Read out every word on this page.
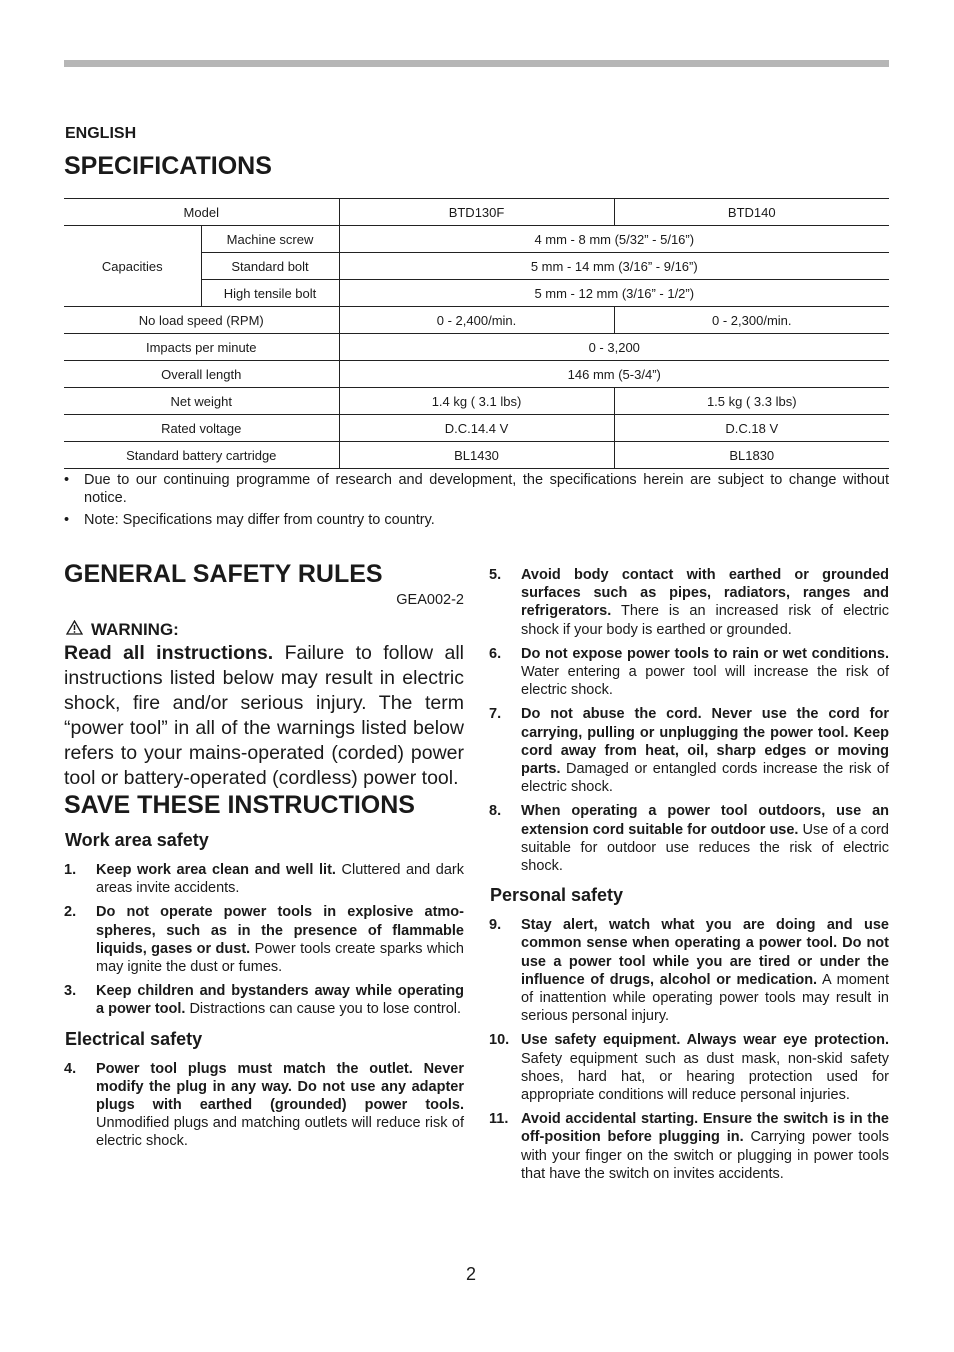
ENGLISH
SPECIFICATIONS
Model		BTD130F	BTD140
Capacities	Machine screw	4 mm - 8 mm (5/32” - 5/16”)	
	Standard bolt	5 mm - 14 mm (3/16” - 9/16”)	
	High tensile bolt	5 mm - 12 mm (3/16” - 1/2”)	
No load speed (RPM)		0 - 2,400/min.	0 - 2,300/min.
Impacts per minute		0 - 3,200	
Overall length		146 mm (5-3/4”)	
Net weight		1.4 kg ( 3.1 lbs)	1.5 kg ( 3.3 lbs)
Rated voltage		D.C.14.4 V	D.C.18 V
Standard battery cartridge		BL1430	BL1830
• Due to our continuing programme of research and development, the specifications herein are subject to change without notice.
• Note: Specifications may differ from country to country.
GENERAL SAFETY RULES
GEA002-2
WARNING:
Read all instructions. Failure to follow all instructions listed below may result in electric shock, fire and/or serious injury. The term “power tool” in all of the warnings listed below refers to your mains-operated (corded) power tool or battery-operated (cordless) power tool.
SAVE THESE INSTRUCTIONS
Work area safety
1.	Keep work area clean and well lit. Cluttered and dark areas invite accidents.
2.	Do not operate power tools in explosive atmospheres, such as in the presence of flammable liquids, gases or dust. Power tools create sparks which may ignite the dust or fumes.
3.	Keep children and bystanders away while operating a power tool. Distractions can cause you to lose control.
Electrical safety
4.	Power tool plugs must match the outlet. Never modify the plug in any way. Do not use any adapter plugs with earthed (grounded) power tools. Unmodified plugs and matching outlets will reduce risk of electric shock.
5.	Avoid body contact with earthed or grounded surfaces such as pipes, radiators, ranges and refrigerators. There is an increased risk of electric shock if your body is earthed or grounded.
6.	Do not expose power tools to rain or wet conditions. Water entering a power tool will increase the risk of electric shock.
7.	Do not abuse the cord. Never use the cord for carrying, pulling or unplugging the power tool. Keep cord away from heat, oil, sharp edges or moving parts. Damaged or entangled cords increase the risk of electric shock.
8.	When operating a power tool outdoors, use an extension cord suitable for outdoor use. Use of a cord suitable for outdoor use reduces the risk of electric shock.
Personal safety
9.	Stay alert, watch what you are doing and use common sense when operating a power tool. Do not use a power tool while you are tired or under the influence of drugs, alcohol or medication. A moment of inattention while operating power tools may result in serious personal injury.
10. Use safety equipment. Always wear eye protection. Safety equipment such as dust mask, non-skid safety shoes, hard hat, or hearing protection used for appropriate conditions will reduce personal injuries.
11. Avoid accidental starting. Ensure the switch is in the off-position before plugging in. Carrying power tools with your finger on the switch or plugging in power tools that have the switch on invites accidents.
2
